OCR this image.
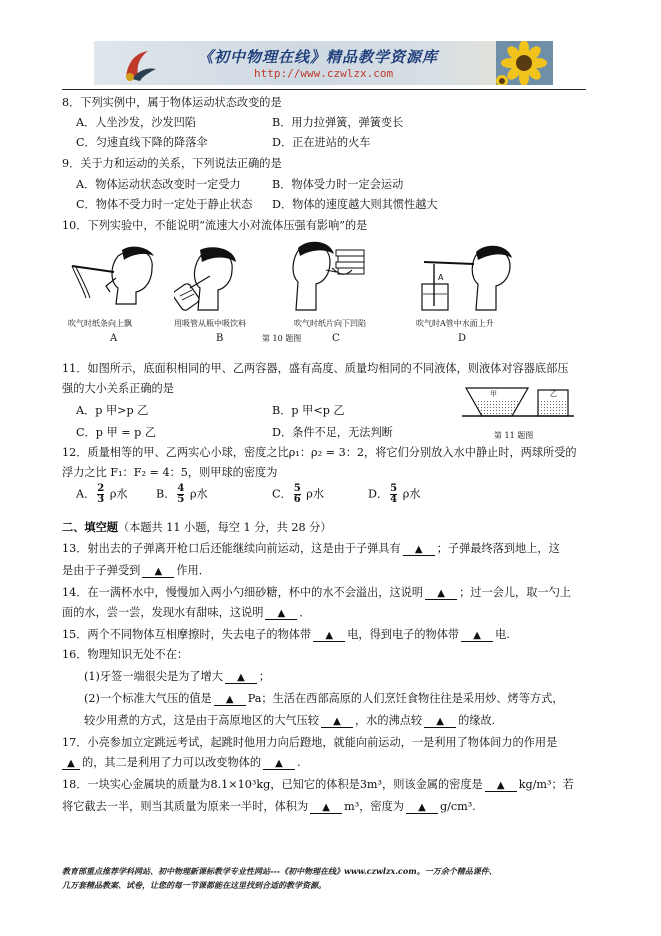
《初中物理在线》精品教学资源库
http://www.czwlzx.com
8．下列实例中，属于物体运动状态改变的是
A．人坐沙发，沙发凹陷	B．用力拉弹簧，弹簧变长
C．匀速直线下降的降落伞	D．正在进站的火车
9．关于力和运动的关系，下列说法正确的是
A．物体运动状态改变时一定受力	B．物体受力时一定会运动
C．物体不受力时一定处于静止状态 D．物体的速度越大则其惯性越大
10．下列实验中，不能说明“流速大小对流体压强有影响”的是
吹气时纸条向上飘
A
用吸管从瓶中吸饮料
B
吹气时纸片向下凹陷
C
A
吹气时A管中水面上升
D
第 10 题图
11．如图所示，底面积相同的甲、乙两容器，盛有高度、质量均相同的不同液体，则液体对容器底部压
强的大小关系正确的是
A．p 甲>p 乙	B．p 甲<p 乙
C．p 甲 = p 乙	D．条件不足，无法判断
甲	乙
第 11 题图
12．质量相等的甲、乙两实心小球，密度之比ρ₁：ρ₂ = 3：2，将它们分别放入水中静止时，两球所受的
浮力之比 F₁：F₂ = 4：5，则甲球的密度为
A． $\frac{2}{3}$ ρ水	B． $\frac{4}{5}$ ρ水	C． $\frac{5}{6}$ ρ水	D． $\frac{5}{4}$ ρ水
二、填空题（本题共 11 小题，每空 1 分，共 28 分）
13．射出去的子弹离开枪口后还能继续向前运动，这是由于子弹具有 ▲ ；子弹最终落到地上，这
是由于子弹受到 ▲ 作用．
14．在一满杯水中，慢慢加入两小勺细砂糖，杯中的水不会溢出，这说明 ▲ ；过一会儿，取一勺上
面的水，尝一尝，发现水有甜味，这说明 ▲ ．
15．两个不同物体互相摩擦时，失去电子的物体带 ▲ 电，得到电子的物体带 ▲ 电.
16．物理知识无处不在：
(1)牙签一端很尖是为了增大 ▲ ；
(2)一个标准大气压的值是 ▲ Pa；生活在西部高原的人们烹饪食物往往是采用炒、烤等方式，
较少用煮的方式，这是由于高原地区的大气压较 ▲ ，水的沸点较 ▲ 的缘故.
17．小亮参加立定跳远考试，起跳时他用力向后蹬地，就能向前运动，一是利用了物体间力的作用是
▲ 的，其二是利用了力可以改变物体的 ▲ .
18．一块实心金属块的质量为8.1×10³kg，已知它的体积是3m³，则该金属的密度是 ▲ kg/m³；若
将它截去一半，则当其质量为原来一半时，体积为 ▲ m³，密度为 ▲ g/cm³.
教育部重点推荐学科网站、初中物理新课标教学专业性网站---《初中物理在线》www.czwlzx.com。一万余个精品课件、
几万套精品教案、试卷，让您的每一节课都能在这里找到合适的教学资源。
